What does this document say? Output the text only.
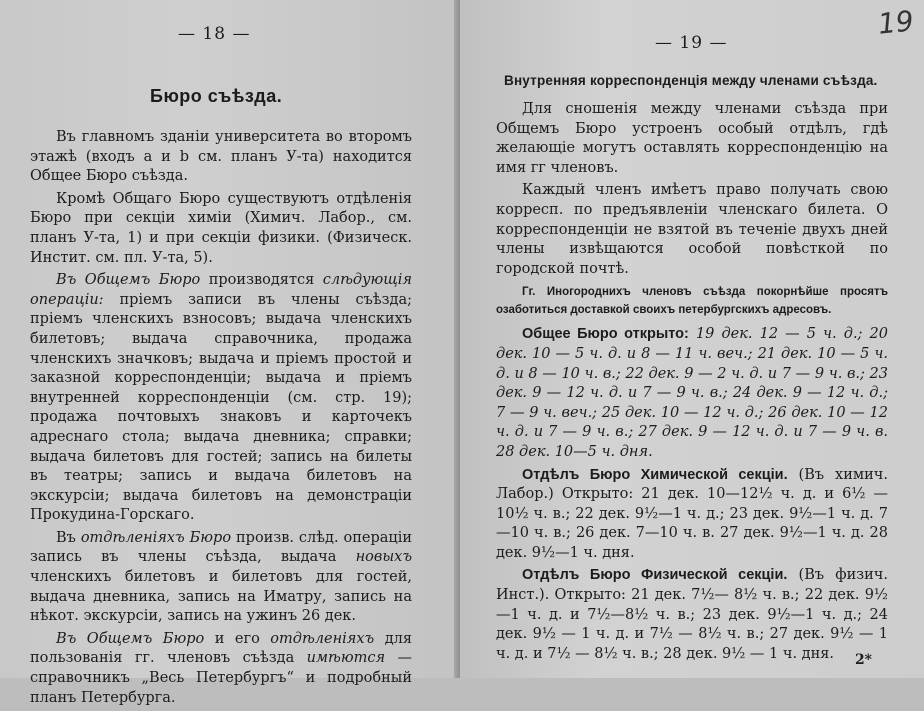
— 18 —
Бюро съѣзда.

Въ главномъ зданіи университета во второмъ этажѣ (входъ а и b см. планъ У-та) находится Общее Бюро съѣзда.

Кромѣ Общаго Бюро существуютъ отдѣленія Бюро при секціи химіи (Химич. Лабор., см. планъ У-та, 1) и при секціи физики. (Физическ. Инстит. см. пл. У-та, 5).

Въ Общемъ Бюро производятся слѣдующія операціи: пріемъ записи въ члены съѣзда; пріемъ членскихъ взносовъ; выдача членскихъ билетовъ; выдача справочника, продажа членскихъ значковъ; выдача и пріемъ простой и заказной корреспонденціи; выдача и пріемъ внутренней корреспонденціи (см. стр. 19); продажа почтовыхъ знаковъ и карточекъ адреснаго стола; выдача дневника; справки; выдача билетовъ для гостей; запись на билеты въ театры; запись и выдача билетовъ на экскурсіи; выдача билетовъ на демонстраціи Прокудина-Горскаго.

Въ отдѣленіяхъ Бюро произв. слѣд. операціи запись въ члены съѣзда, выдача новыхъ членскихъ билетовъ и билетовъ для гостей, выдача дневника, запись на Иматру, запись на нѣкот. экскурсіи, запись на ужинъ 26 дек.

Въ Общемъ Бюро и его отдѣленіяхъ для пользованія гг. членовъ съѣзда имѣются — справочникъ „Весь Петербургъ“ и подробный планъ Петербурга.

— 19 —
19
Внутренняя корреспонденція между членами съѣзда.

Для сношенія между членами съѣзда при Общемъ Бюро устроенъ особый отдѣлъ, гдѣ желающіе могутъ оставлять корреспонденцію на имя гг членовъ.

Каждый членъ имѣетъ право получать свою корресп. по предъявленіи членскаго билета. О корреспонденціи не взятой въ теченіе двухъ дней члены извѣщаются особой повѣсткой по городской почтѣ.

Гг. Иногороднихъ членовъ съѣзда покорнѣйше просятъ озаботиться доставкой своихъ петербургскихъ адресовъ.

Общее Бюро открыто: 19 дек. 12 — 5 ч. д.; 20 дек. 10 — 5 ч. д. и 8 — 11 ч. веч.; 21 дек. 10 — 5 ч. д. и 8 — 10 ч. в.; 22 дек. 9 — 2 ч. д. и 7 — 9 ч. в.; 23 дек. 9 — 12 ч. д. и 7 — 9 ч. в.; 24 дек. 9 — 12 ч. д.; 7 — 9 ч. веч.; 25 дек. 10 — 12 ч. д.; 26 дек. 10 — 12 ч. д. и 7 — 9 ч. в.; 27 дек. 9 — 12 ч. д. и 7 — 9 ч. в. 28 дек. 10—5 ч. дня.

Отдѣлъ Бюро Химической секціи. (Въ химич. Лабор.) Открыто: 21 дек. 10—12½ ч. д. и 6½ — 10½ ч. в.; 22 дек. 9½—1 ч. д.; 23 дек. 9½—1 ч. д. 7—10 ч. в.; 26 дек. 7—10 ч. в. 27 дек. 9½—1 ч. д. 28 дек. 9½—1 ч. дня.

Отдѣлъ Бюро Физической секціи. (Въ физич. Инст.). Открыто: 21 дек. 7½— 8½ ч. в.; 22 дек. 9½—1 ч. д. и 7½—8½ ч. в.; 23 дек. 9½—1 ч. д.; 24 дек. 9½ — 1 ч. д. и 7½ — 8½ ч. в.; 27 дек. 9½ — 1 ч. д. и 7½ — 8½ ч. в.; 28 дек. 9½ — 1 ч. дня.	2*
